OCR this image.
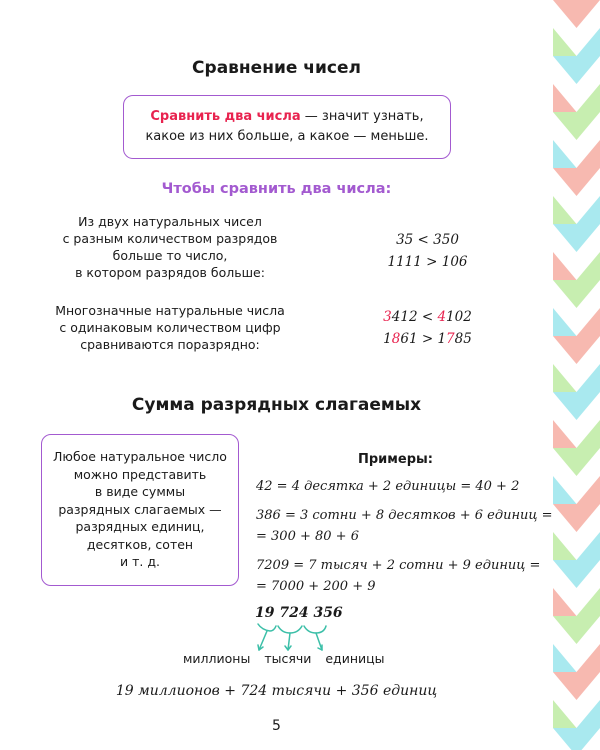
Сравнение чисел
Сравнить два числа — значит узнать,
какое из них больше, а какое — меньше.
Чтобы сравнить два числа:
Из двух натуральных чисел
с разным количеством разрядов
больше то число,
в котором разрядов больше:
35 < 350
1111 > 106
Многозначные натуральные числа
с одинаковым количеством цифр
сравниваются поразрядно:
3412 < 4102
1861 > 1785
Сумма разрядных слагаемых
Любое натуральное число
можно представить
в виде суммы
разрядных слагаемых —
разрядных единиц,
десятков, сотен
и т. д.
Примеры:
42 = 4 десятка + 2 единицы = 40 + 2
386 = 3 сотни + 8 десятков + 6 единиц =
= 300 + 80 + 6
7209 = 7 тысяч + 2 сотни + 9 единиц =
= 7000 + 200 + 9
19 724 356
миллионы тысячи единицы
19 миллионов + 724 тысячи + 356 единиц
5
